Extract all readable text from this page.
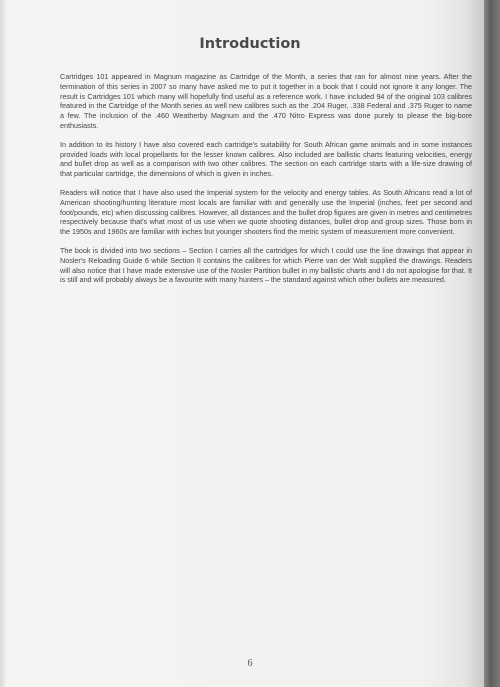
Introduction

Cartridges 101 appeared in Magnum magazine as Cartridge of the Month, a series that ran for almost nine years. After the termination of this series in 2007 so many have asked me to put it together in a book that I could not ignore it any longer. The result is Cartridges 101 which many will hopefully find useful as a reference work. I have included 94 of the original 103 calibres featured in the Cartridge of the Month series as well new calibres such as the .204 Ruger, .338 Federal and .375 Ruger to name a few. The inclusion of the .460 Weatherby Magnum and the .470 Nitro Express was done purely to please the big-bore enthusiasts.

In addition to its history I have also covered each cartridge's suitability for South African game animals and in some instances provided loads with local propellants for the lesser known calibres. Also included are ballistic charts featuring velocities, energy and bullet drop as well as a comparison with two other calibres. The section on each cartridge starts with a life-size drawing of that particular cartridge, the dimensions of which is given in inches.

Readers will notice that I have also used the Imperial system for the velocity and energy tables. As South Africans read a lot of American shooting/hunting literature most locals are familiar with and generally use the Imperial (inches, feet per second and foot/pounds, etc) when discussing calibres. However, all distances and the bullet drop figures are given in metres and centimetres respectively because that's what most of us use when we quote shooting distances, bullet drop and group sizes. Those born in the 1950s and 1960s are familiar with inches but younger shooters find the metric system of measurement more convenient.

The book is divided into two sections – Section I carries all the cartridges for which I could use the line drawings that appear in Nosler's Reloading Guide 6 while Section II contains the calibres for which Pierre van der Walt supplied the drawings. Readers will also notice that I have made extensive use of the Nosler Partition bullet in my ballistic charts and I do not apologise for that. It is still and will probably always be a favourite with many hunters – the standard against which other bullets are measured.

6
